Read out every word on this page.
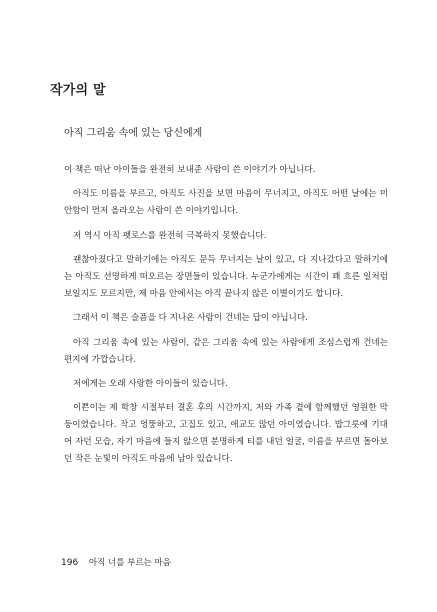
작가의 말
아직 그리움 속에 있는 당신에게

이 책은 떠난 아이들을 완전히 보내준 사람이 쓴 이야기가 아닙니다.

아직도 이름을 부르고, 아직도 사진을 보면 마음이 무너지고, 아직도 어떤 날에는 미안함이 먼저 올라오는 사람이 쓴 이야기입니다.

저 역시 아직 펫로스를 완전히 극복하지 못했습니다.

괜찮아졌다고 말하기에는 아직도 문득 무너지는 날이 있고, 다 지나갔다고 말하기에는 아직도 선명하게 떠오르는 장면들이 있습니다. 누군가에게는 시간이 꽤 흐른 일처럼 보일지도 모르지만, 제 마음 안에서는 아직 끝나지 않은 이별이기도 합니다.

그래서 이 책은 슬픔을 다 지나온 사람이 건네는 답이 아닙니다.

아직 그리움 속에 있는 사람이, 같은 그리움 속에 있는 사람에게 조심스럽게 건네는 편지에 가깝습니다.

저에게는 오래 사랑한 아이들이 있습니다.

이쁜이는 제 학창 시절부터 결혼 후의 시간까지, 저와 가족 곁에 함께했던 영원한 막둥이였습니다. 작고 엉뚱하고, 고집도 있고, 애교도 많던 아이였습니다. 밥그릇에 기대어 자던 모습, 자기 마음에 들지 않으면 분명하게 티를 내던 얼굴, 이름을 부르면 돌아보던 작은 눈빛이 아직도 마음에 남아 있습니다.

196 아직 너를 부르는 마음
